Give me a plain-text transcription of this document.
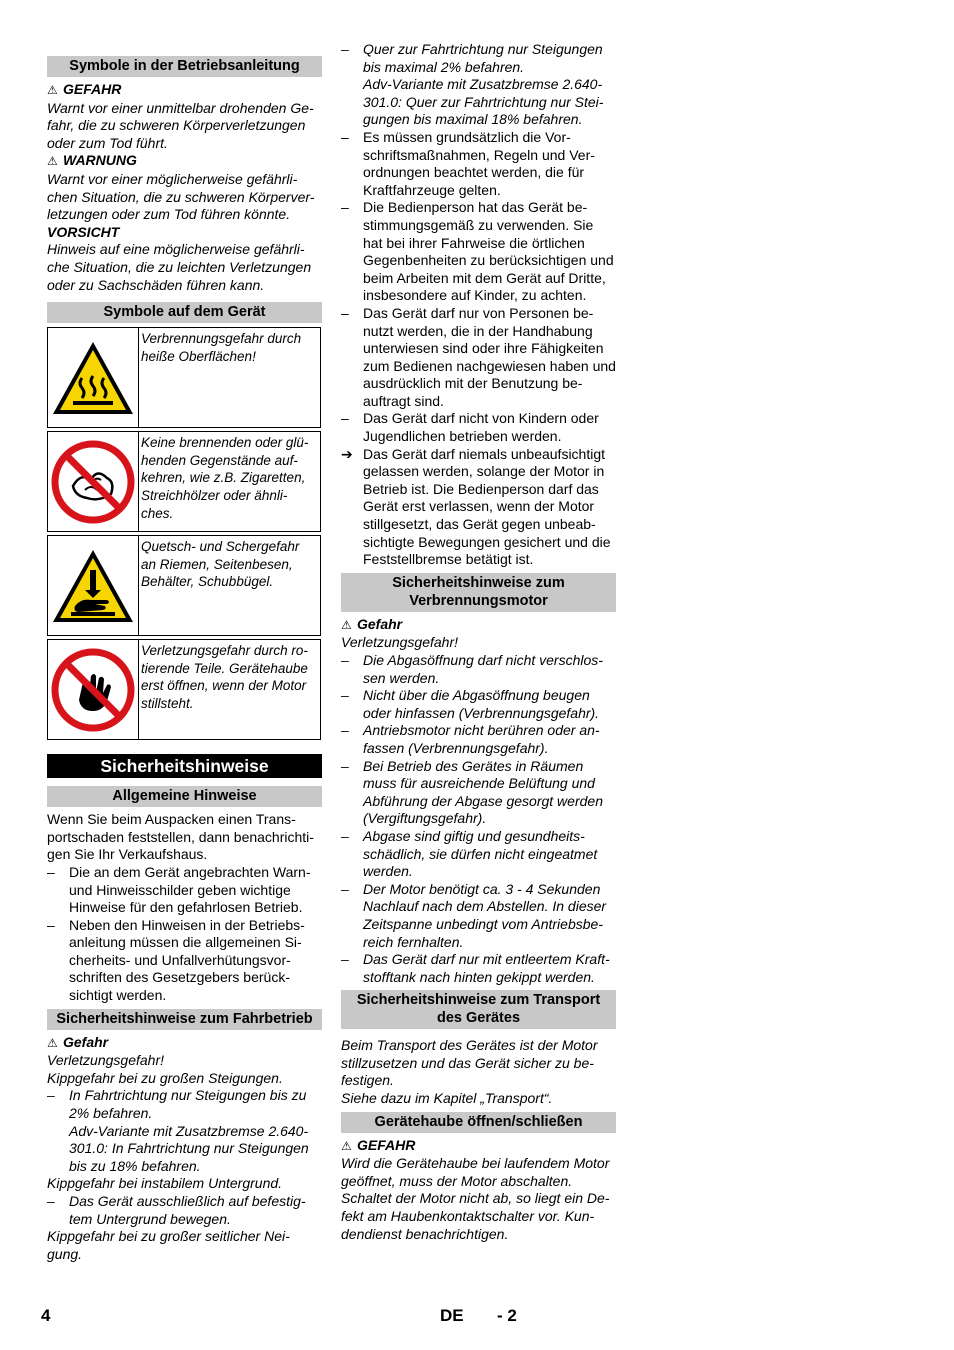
Symbole in der Betriebsanleitung
⚠ GEFAHR

Warnt vor einer unmittelbar drohenden Ge-fahr, die zu schweren Körperverletzungen oder zum Tod führt.

⚠ WARNUNG

Warnt vor einer möglicherweise gefährli-chen Situation, die zu schweren Körperver-letzungen oder zum Tod führen könnte.

VORSICHT

Hinweis auf eine möglicherweise gefährli-che Situation, die zu leichten Verletzungen oder zu Sachschäden führen kann.

Symbole auf dem Gerät
Verbrennungsgefahr durch heiße Oberflächen!
Keine brennenden oder glü-henden Gegenstände auf-kehren, wie z.B. Zigaretten, Streichhölzer oder ähnli-ches.
Quetsch- und Schergefahr an Riemen, Seitenbesen, Behälter, Schubbügel.
Verletzungsgefahr durch ro-tierende Teile. Gerätehaube erst öffnen, wenn der Motor stillsteht.
Sicherheitshinweise
Allgemeine Hinweise

Wenn Sie beim Auspacken einen Trans-portschaden feststellen, dann benachrichti-gen Sie Ihr Verkaufshaus.

– Die an dem Gerät angebrachten Warn- und Hinweisschilder geben wichtige Hinweise für den gefahrlosen Betrieb.
– Neben den Hinweisen in der Betriebs-anleitung müssen die allgemeinen Si-cherheits- und Unfallverhütungsvor-schriften des Gesetzgebers berück-sichtigt werden.
Sicherheitshinweise zum Fahrbetrieb
⚠ Gefahr

Verletzungsgefahr!

Kippgefahr bei zu großen Steigungen.

– In Fahrtrichtung nur Steigungen bis zu 2% befahren.
Adv-Variante mit Zusatzbremse 2.640-301.0: In Fahrtrichtung nur Steigungen bis zu 18% befahren.

Kippgefahr bei instabilem Untergrund.

– Das Gerät ausschließlich auf befestig-tem Untergrund bewegen.

Kippgefahr bei zu großer seitlicher Nei-gung.

– Quer zur Fahrtrichtung nur Steigungen bis maximal 2% befahren.
Adv-Variante mit Zusatzbremse 2.640-301.0: Quer zur Fahrtrichtung nur Stei-gungen bis maximal 18% befahren.
– Es müssen grundsätzlich die Vor-schriftsmaßnahmen, Regeln und Ver-ordnungen beachtet werden, die für Kraftfahrzeuge gelten.
– Die Bedienperson hat das Gerät be-stimmungsgemäß zu verwenden. Sie hat bei ihrer Fahrweise die örtlichen Gegenbenheiten zu berücksichtigen und beim Arbeiten mit dem Gerät auf Dritte, insbesondere auf Kinder, zu achten.
– Das Gerät darf nur von Personen be-nutzt werden, die in der Handhabung unterwiesen sind oder ihre Fähigkeiten zum Bedienen nachgewiesen haben und ausdrücklich mit der Benutzung be-auftragt sind.
– Das Gerät darf nicht von Kindern oder Jugendlichen betrieben werden.
➔ Das Gerät darf niemals unbeaufsichtigt gelassen werden, solange der Motor in Betrieb ist. Die Bedienperson darf das Gerät erst verlassen, wenn der Motor stillgesetzt, das Gerät gegen unbeab-sichtigte Bewegungen gesichert und die Feststellbremse betätigt ist.
Sicherheitshinweise zum Verbrennungsmotor
⚠ Gefahr

Verletzungsgefahr!

– Die Abgasöffnung darf nicht verschlos-sen werden.
– Nicht über die Abgasöffnung beugen oder hinfassen (Verbrennungsgefahr).
– Antriebsmotor nicht berühren oder an-fassen (Verbrennungsgefahr).
– Bei Betrieb des Gerätes in Räumen muss für ausreichende Belüftung und Abführung der Abgase gesorgt werden (Vergiftungsgefahr).
– Abgase sind giftig und gesundheits-schädlich, sie dürfen nicht eingeatmet werden.
– Der Motor benötigt ca. 3 - 4 Sekunden Nachlauf nach dem Abstellen. In dieser Zeitspanne unbedingt vom Antriebsbe-reich fernhalten.
– Das Gerät darf nur mit entleertem Kraft-stofftank nach hinten gekippt werden.
Sicherheitshinweise zum Transport des Gerätes

Beim Transport des Gerätes ist der Motor stillzusetzen und das Gerät sicher zu be-festigen.

Siehe dazu im Kapitel „Transport“.

Gerätehaube öffnen/schließen
⚠ GEFAHR

Wird die Gerätehaube bei laufendem Motor geöffnet, muss der Motor abschalten. Schaltet der Motor nicht ab, so liegt ein De-fekt am Haubenkontaktschalter vor. Kun-dendienst benachrichtigen.

4	DE - 2
